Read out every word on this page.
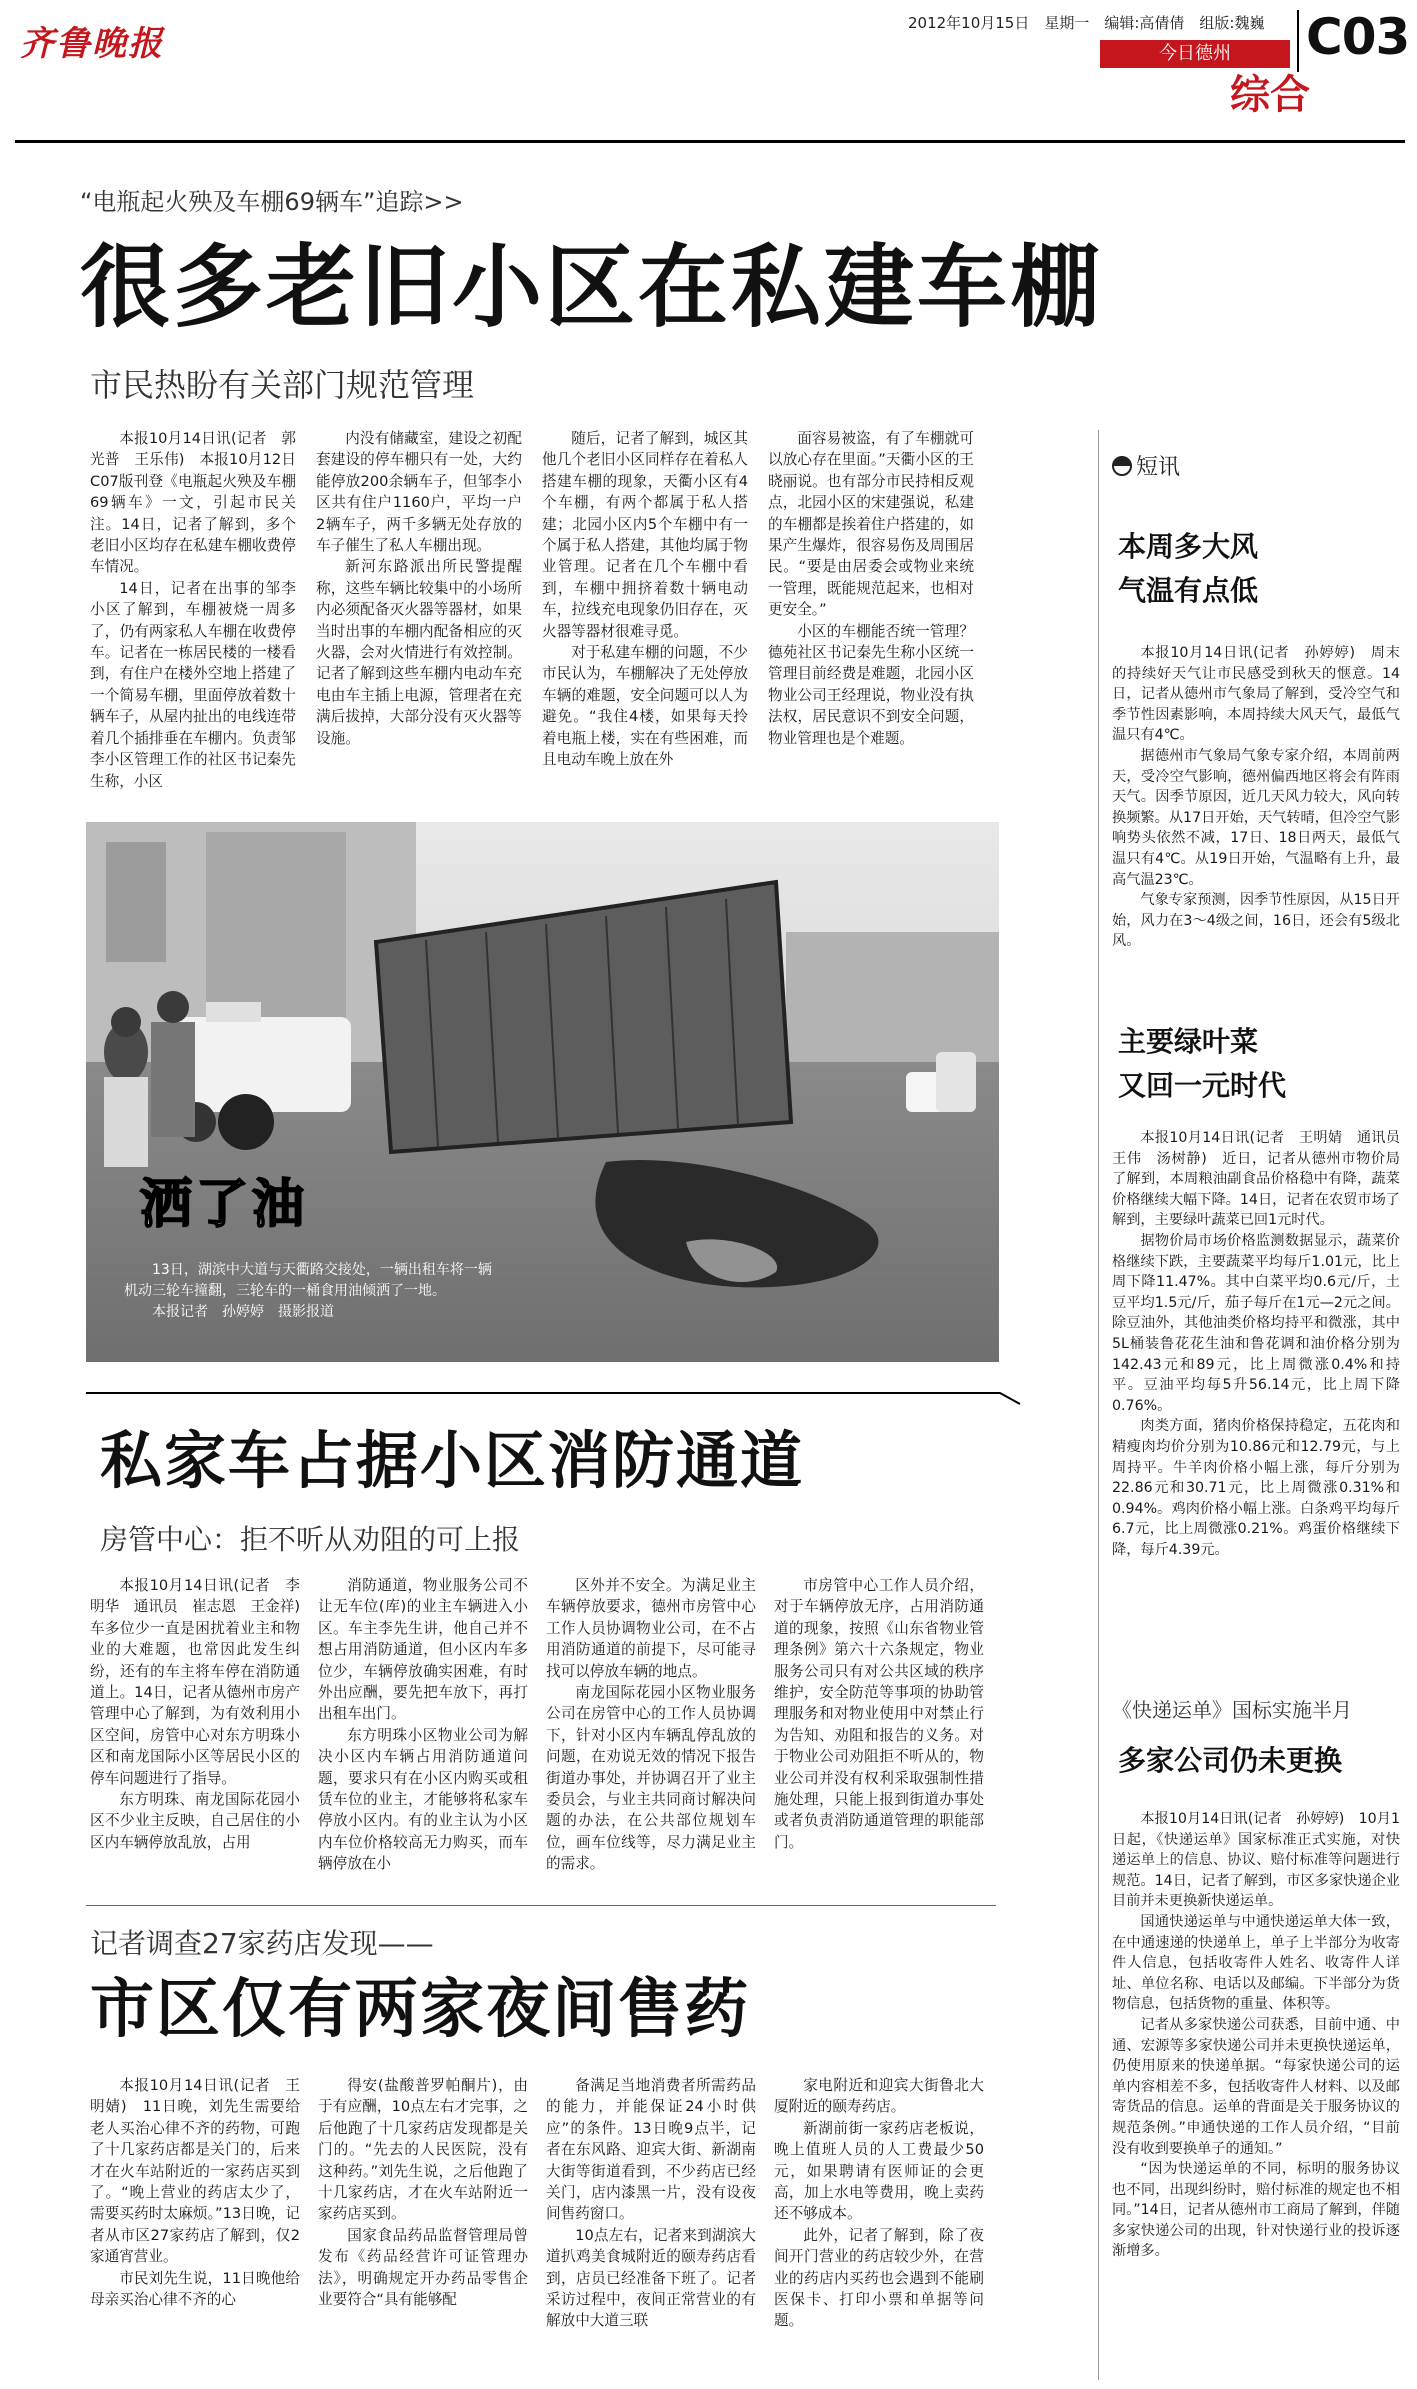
齐鲁晚报
2012年10月15日　星期一　编辑:高倩倩　组版:魏巍
今日德州
综合
C03
“电瓶起火殃及车棚69辆车”追踪>>
很多老旧小区在私建车棚
市民热盼有关部门规范管理

本报10月14日讯(记者　郭光普　王乐伟)　本报10月12日C07版刊登《电瓶起火殃及车棚69辆车》一文，引起市民关注。14日，记者了解到，多个老旧小区均存在私建车棚收费停车情况。

14日，记者在出事的邹李小区了解到，车棚被烧一周多了，仍有两家私人车棚在收费停车。记者在一栋居民楼的一楼看到，有住户在楼外空地上搭建了一个简易车棚，里面停放着数十辆车子，从屋内扯出的电线连带着几个插排垂在车棚内。负责邹李小区管理工作的社区书记秦先生称，小区

内没有储藏室，建设之初配套建设的停车棚只有一处，大约能停放200余辆车子，但邹李小区共有住户1160户，平均一户2辆车子，两千多辆无处存放的车子催生了私人车棚出现。

新河东路派出所民警提醒称，这些车辆比较集中的小场所内必须配备灭火器等器材，如果当时出事的车棚内配备相应的灭火器，会对火情进行有效控制。记者了解到这些车棚内电动车充电由车主插上电源，管理者在充满后拔掉，大部分没有灭火器等设施。

随后，记者了解到，城区其他几个老旧小区同样存在着私人搭建车棚的现象，天衢小区有4个车棚，有两个都属于私人搭建；北园小区内5个车棚中有一个属于私人搭建，其他均属于物业管理。记者在几个车棚中看到，车棚中拥挤着数十辆电动车，拉线充电现象仍旧存在，灭火器等器材很难寻觅。

对于私建车棚的问题，不少市民认为，车棚解决了无处停放车辆的难题，安全问题可以人为避免。“我住4楼，如果每天拎着电瓶上楼，实在有些困难，而且电动车晚上放在外

面容易被盗，有了车棚就可以放心存在里面。”天衢小区的王晓丽说。也有部分市民持相反观点，北园小区的宋建强说，私建的车棚都是挨着住户搭建的，如果产生爆炸，很容易伤及周围居民。“要是由居委会或物业来统一管理，既能规范起来，也相对更安全。”

小区的车棚能否统一管理？德苑社区书记秦先生称小区统一管理目前经费是难题，北园小区物业公司王经理说，物业没有执法权，居民意识不到安全问题，物业管理也是个难题。

洒了油
13日，湖滨中大道与天衢路交接处，一辆出租车将一辆机动三轮车撞翻，三轮车的一桶食用油倾洒了一地。
本报记者　孙婷婷　摄影报道
私家车占据小区消防通道
房管中心：拒不听从劝阻的可上报

本报10月14日讯(记者　李明华　通讯员　崔志恩　王金祥)　车多位少一直是困扰着业主和物业的大难题，也常因此发生纠纷，还有的车主将车停在消防通道上。14日，记者从德州市房产管理中心了解到，为有效利用小区空间，房管中心对东方明珠小区和南龙国际小区等居民小区的停车问题进行了指导。

东方明珠、南龙国际花园小区不少业主反映，自己居住的小区内车辆停放乱放，占用

消防通道，物业服务公司不让无车位(库)的业主车辆进入小区。车主李先生讲，他自己并不想占用消防通道，但小区内车多位少，车辆停放确实困难，有时外出应酬，要先把车放下，再打出租车出门。

东方明珠小区物业公司为解决小区内车辆占用消防通道问题，要求只有在小区内购买或租赁车位的业主，才能够将私家车停放小区内。有的业主认为小区内车位价格较高无力购买，而车辆停放在小

区外并不安全。为满足业主车辆停放要求，德州市房管中心工作人员协调物业公司，在不占用消防通道的前提下，尽可能寻找可以停放车辆的地点。

南龙国际花园小区物业服务公司在房管中心的工作人员协调下，针对小区内车辆乱停乱放的问题，在劝说无效的情况下报告街道办事处，并协调召开了业主委员会，与业主共同商讨解决问题的办法，在公共部位规划车位，画车位线等，尽力满足业主的需求。

市房管中心工作人员介绍，对于车辆停放无序，占用消防通道的现象，按照《山东省物业管理条例》第六十六条规定，物业服务公司只有对公共区域的秩序维护，安全防范等事项的协助管理服务和对物业使用中对禁止行为告知、劝阻和报告的义务。对于物业公司劝阻拒不听从的，物业公司并没有权利采取强制性措施处理，只能上报到街道办事处或者负责消防通道管理的职能部门。

记者调查27家药店发现——
市区仅有两家夜间售药

本报10月14日讯(记者　王明婧)　11日晚，刘先生需要给老人买治心律不齐的药物，可跑了十几家药店都是关门的，后来才在火车站附近的一家药店买到了。“晚上营业的药店太少了，需要买药时太麻烦。”13日晚，记者从市区27家药店了解到，仅2家通宵营业。

市民刘先生说，11日晚他给母亲买治心律不齐的心

得安(盐酸普罗帕酮片)，由于有应酬，10点左右才完事，之后他跑了十几家药店发现都是关门的。“先去的人民医院，没有这种药。”刘先生说，之后他跑了十几家药店，才在火车站附近一家药店买到。

国家食品药品监督管理局曾发布《药品经营许可证管理办法》，明确规定开办药品零售企业要符合“具有能够配

备满足当地消费者所需药品的能力，并能保证24小时供应”的条件。13日晚9点半，记者在东风路、迎宾大街、新湖南大街等街道看到，不少药店已经关门，店内漆黑一片，没有设夜间售药窗口。

10点左右，记者来到湖滨大道扒鸡美食城附近的颐寿药店看到，店员已经准备下班了。记者采访过程中，夜间正常营业的有解放中大道三联

家电附近和迎宾大街鲁北大厦附近的颐寿药店。

新湖前街一家药店老板说，晚上值班人员的人工费最少50元，如果聘请有医师证的会更高，加上水电等费用，晚上卖药还不够成本。

此外，记者了解到，除了夜间开门营业的药店较少外，在营业的药店内买药也会遇到不能刷医保卡、打印小票和单据等问题。

短讯
本周多大风
气温有点低

本报10月14日讯(记者　孙婷婷)　周末的持续好天气让市民感受到秋天的惬意。14日，记者从德州市气象局了解到，受冷空气和季节性因素影响，本周持续大风天气，最低气温只有4℃。

据德州市气象局气象专家介绍，本周前两天，受冷空气影响，德州偏西地区将会有阵雨天气。因季节原因，近几天风力较大，风向转换频繁。从17日开始，天气转晴，但冷空气影响势头依然不减，17日、18日两天，最低气温只有4℃。从19日开始，气温略有上升，最高气温23℃。

气象专家预测，因季节性原因，从15日开始，风力在3～4级之间，16日，还会有5级北风。

主要绿叶菜
又回一元时代

本报10月14日讯(记者　王明婧　通讯员　王伟　汤树静)　近日，记者从德州市物价局了解到，本周粮油副食品价格稳中有降，蔬菜价格继续大幅下降。14日，记者在农贸市场了解到，主要绿叶蔬菜已回1元时代。

据物价局市场价格监测数据显示，蔬菜价格继续下跌，主要蔬菜平均每斤1.01元，比上周下降11.47%。其中白菜平均0.6元/斤，土豆平均1.5元/斤，茄子每斤在1元—2元之间。除豆油外，其他油类价格均持平和微涨，其中5L桶装鲁花花生油和鲁花调和油价格分别为142.43元和89元，比上周微涨0.4%和持平。豆油平均每5升56.14元，比上周下降0.76%。

肉类方面，猪肉价格保持稳定，五花肉和精瘦肉均价分别为10.86元和12.79元，与上周持平。牛羊肉价格小幅上涨，每斤分别为22.86元和30.71元，比上周微涨0.31%和0.94%。鸡肉价格小幅上涨。白条鸡平均每斤6.7元，比上周微涨0.21%。鸡蛋价格继续下降，每斤4.39元。

《快递运单》国标实施半月
多家公司仍未更换

本报10月14日讯(记者　孙婷婷)　10月1日起，《快递运单》国家标准正式实施，对快递运单上的信息、协议、赔付标准等问题进行规范。14日，记者了解到，市区多家快递企业目前并未更换新快递运单。

国通快递运单与中通快递运单大体一致，在中通速递的快递单上，单子上半部分为收寄件人信息，包括收寄件人姓名、收寄件人详址、单位名称、电话以及邮编。下半部分为货物信息，包括货物的重量、体积等。

记者从多家快递公司获悉，目前中通、中通、宏源等多家快递公司并未更换快递运单，仍使用原来的快递单据。“每家快递公司的运单内容相差不多，包括收寄件人材料、以及邮寄货品的信息。运单的背面是关于服务协议的规范条例。”申通快递的工作人员介绍，“目前没有收到要换单子的通知。”

“因为快递运单的不同，标明的服务协议也不同，出现纠纷时，赔付标准的规定也不相同。”14日，记者从德州市工商局了解到，伴随多家快递公司的出现，针对快递行业的投诉逐渐增多。
